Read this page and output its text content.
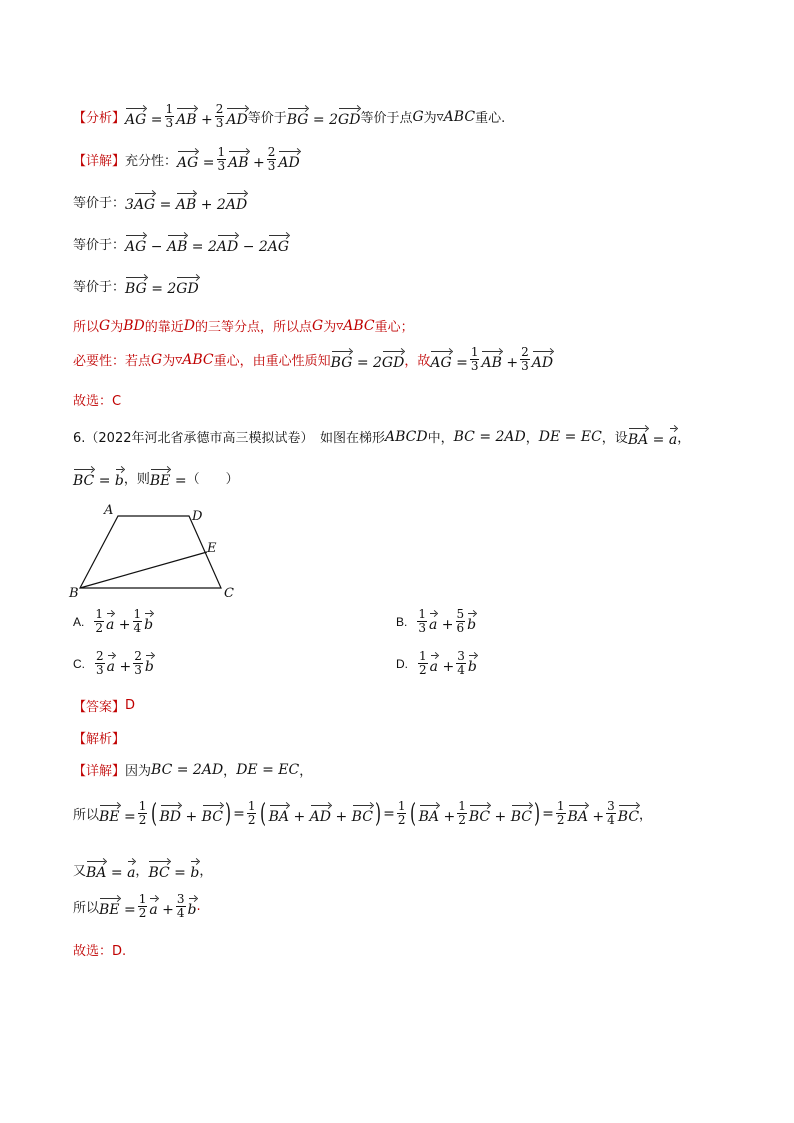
【分析】 AG = $\frac{1}{3}$ AB + $\frac{2}{3}$ AD 等价于 BG = 2GD 等价于点 G 为 ▿ABC 重心.
【详解】 充分性： AG = $\frac{1}{3}$ AB + $\frac{2}{3}$ AD
等价于： 3AG = AB + 2AD
等价于： AG − AB = 2AD − 2AG
等价于： BG = 2GD
所以 G 为 BD 的靠近 D 的三等分点，所以点 G 为 ▿ABC 重心；
必要性：若点 G 为 ▿ABC 重心，由重心性质知 BG = 2GD ，故 AG = $\frac{1}{3}$ AB + $\frac{2}{3}$ AD
故选：C
6.（2022年河北省承德市高三模拟试卷）　如图在梯形 ABCD 中， BC = 2AD ， DE = EC ，设 BA = a ，
BC = b ，则 BE = （　　）
A	D
E
B	C
A. $\frac{1}{2}$ $a + \frac{1}{4}$ b	B. $\frac{1}{3}$ $a + \frac{5}{6}$ b
C. $\frac{2}{3}$ $a + \frac{2}{3}$ b	D. $\frac{1}{2}$ $a + \frac{3}{4}$ b
【答案】 D
【解析】
【详解】 因为 BC = 2AD ， DE = EC ，
所以 BE = $\frac{1}{2}$ ( BD + BC ) = $\frac{1}{2}$ ( BA + AD + BC ) = $\frac{1}{2}$ ( BA + $\frac{1}{2}$ BC + BC ) = $\frac{1}{2}$ BA + $\frac{3}{4}$ BC ，
又 BA = a ， BC = b ，
所以 BE = $\frac{1}{2}$ $a + \frac{3}{4}$ b .
故选：D.
